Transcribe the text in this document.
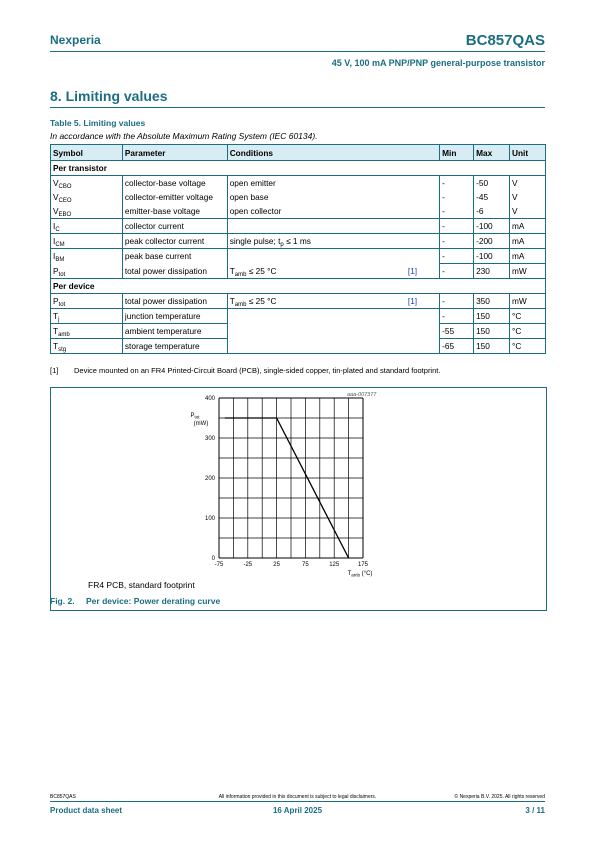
Nexperia	BC857QAS
45 V, 100 mA PNP/PNP general-purpose transistor
8. Limiting values
Table 5. Limiting values
In accordance with the Absolute Maximum Rating System (IEC 60134).
Symbol	Parameter	Conditions	Min	Max	Unit
Per transistor					
$V_{CBO}$	collector-base voltage	open emitter	-	-50	V
$V_{CEO}$	collector-emitter voltage	open base	-	-45	V
$V_{EBO}$	emitter-base voltage	open collector	-	-6	V
$I_C$	collector current		-	-100	mA
$I_{CM}$	peak collector current	single pulse; $t_p \le 1$ ms	-	-200	mA
$I_{BM}$	peak base current		-	-100	mA
$P_{tot}$	total power dissipation	$T_{amb} \le 25$ °C [1]	-	230	mW
Per device					
$P_{tot}$	total power dissipation	$T_{amb} \le 25$ °C [1]	-	350	mW
$T_j$	junction temperature		-	150	°C
$T_{amb}$	ambient temperature		-55	150	°C
$T_{stg}$	storage temperature		-65	150	°C
[1] Device mounted on an FR4 Printed-Circuit Board (PCB), single-sided copper, tin-plated and standard footprint.
-75	-25	25	75	125	175
0
100
200
300
400
aaa-007377
$P_{tot}$
(mW)
$T_{amb}$ (°C)
FR4 PCB, standard footprint
Fig. 2. Per device: Power derating curve
BC857QAS	All information provided in this document is subject to legal disclaimers.	© Nexperia B.V. 2025. All rights reserved
Product data sheet	16 April 2025	3 / 11
